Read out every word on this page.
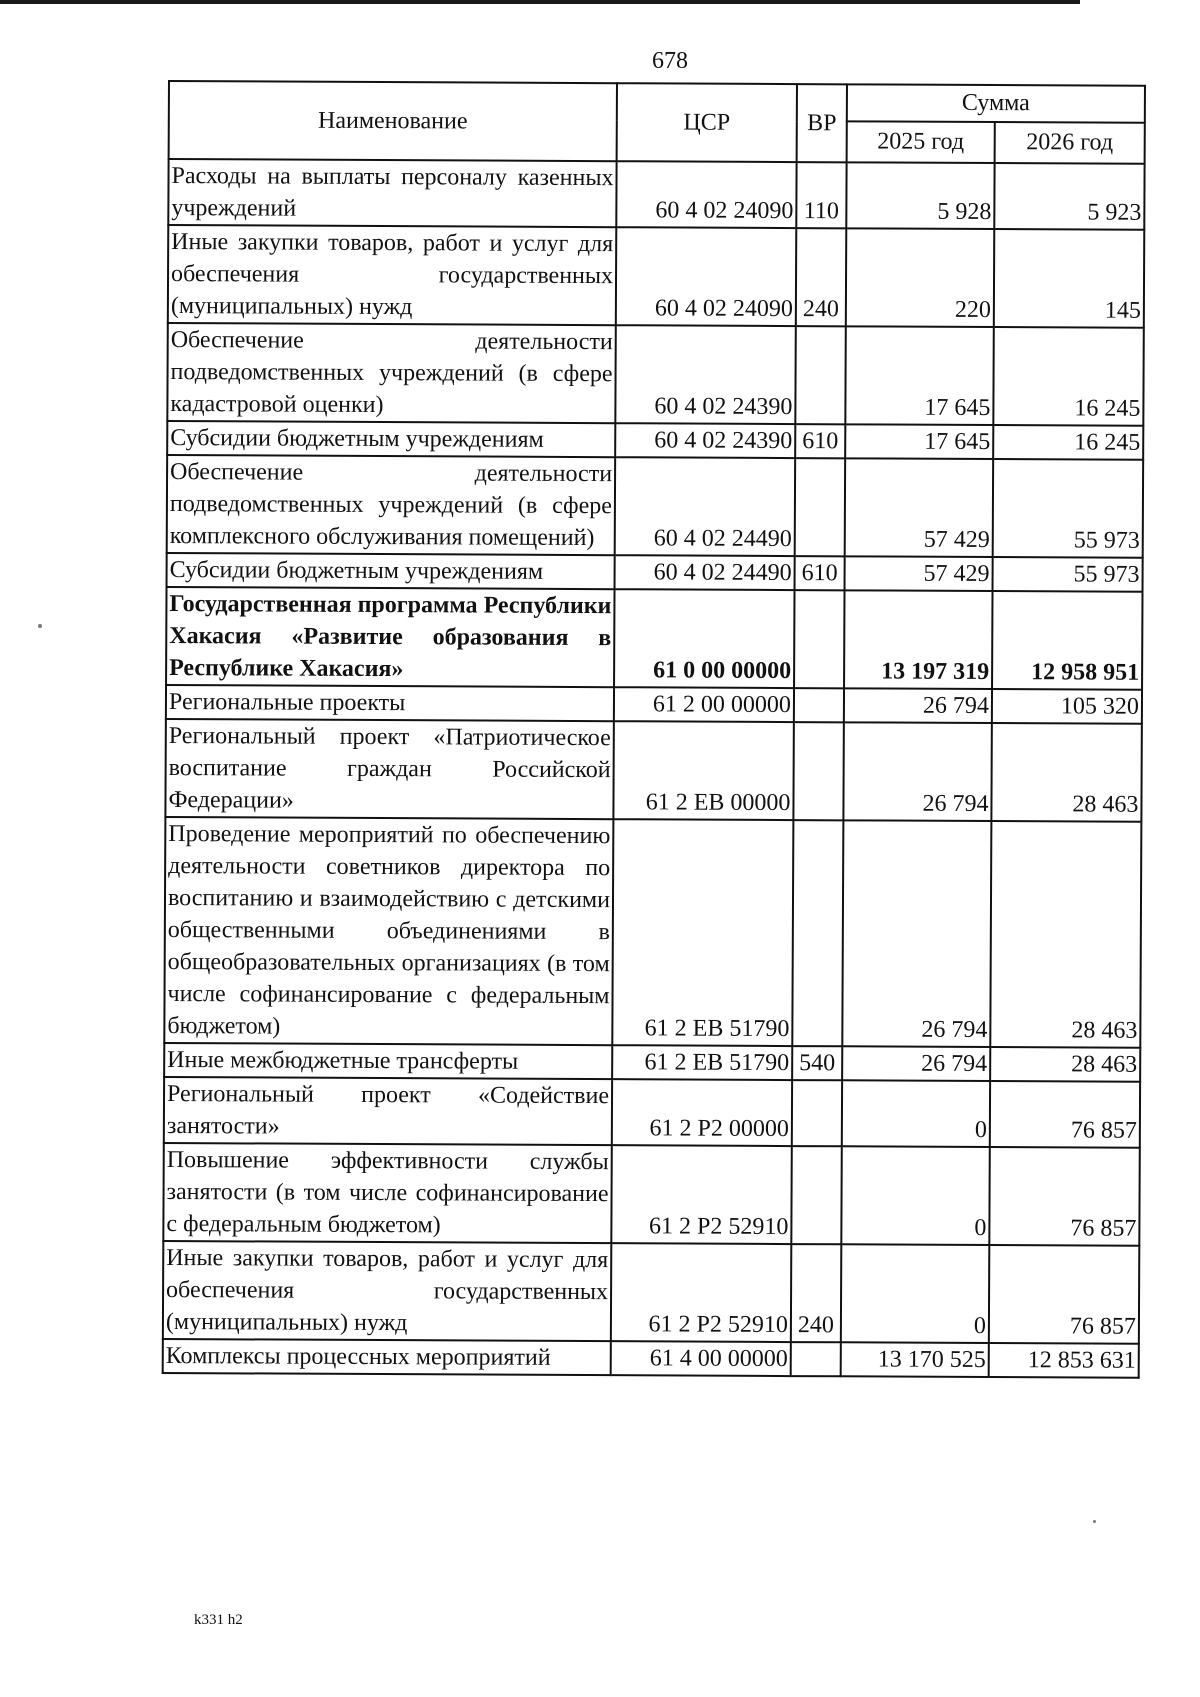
678
Наименование	ЦСР	ВР	Сумма	
			2025 год	2026 год
Расходы на выплаты персоналу казенных учреждений	60 4 02 24090	110	5 928	5 923
Иные закупки товаров, работ и услуг для обеспечения государственных (муниципальных) нужд	60 4 02 24090	240	220	145
Обеспечение деятельности подведомственных учреждений (в сфере кадастровой оценки)	60 4 02 24390		17 645	16 245
Субсидии бюджетным учреждениям	60 4 02 24390	610	17 645	16 245
Обеспечение деятельности подведомственных учреждений (в сфере комплексного обслуживания помещений)	60 4 02 24490		57 429	55 973
Субсидии бюджетным учреждениям	60 4 02 24490	610	57 429	55 973
Государственная программа Республики Хакасия «Развитие образования в Республике Хакасия»	61 0 00 00000		13 197 319	12 958 951
Региональные проекты	61 2 00 00000		26 794	105 320
Региональный проект «Патриотическое воспитание граждан Российской Федерации»	61 2 ЕВ 00000		26 794	28 463
Проведение мероприятий по обеспечению деятельности советников директора по воспитанию и взаимодействию с детскими общественными объединениями в общеобразовательных организациях (в том числе софинансирование с федеральным бюджетом)	61 2 ЕВ 51790		26 794	28 463
Иные межбюджетные трансферты	61 2 ЕВ 51790	540	26 794	28 463
Региональный проект «Содействие занятости»	61 2 Р2 00000		0	76 857
Повышение эффективности службы занятости (в том числе софинансирование с федеральным бюджетом)	61 2 Р2 52910		0	76 857
Иные закупки товаров, работ и услуг для обеспечения государственных (муниципальных) нужд	61 2 Р2 52910	240	0	76 857
Комплексы процессных мероприятий	61 4 00 00000		13 170 525	12 853 631
k331 h2
